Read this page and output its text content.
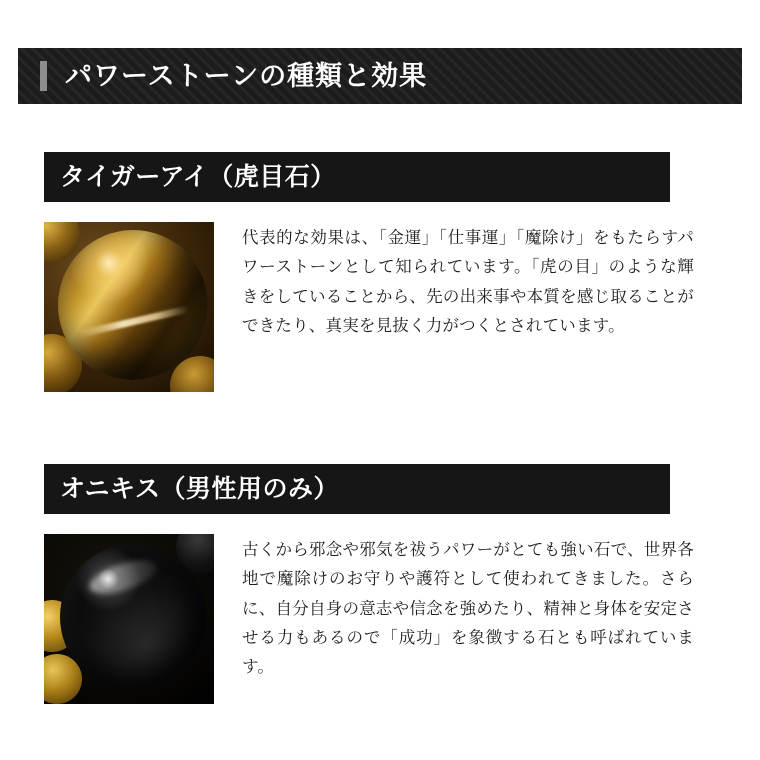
パワーストーンの種類と効果
タイガーアイ（虎目石）
代表的な効果は、「金運」「仕事運」「魔除け」をもたらすパワーストーンとして知られています。「虎の目」のような輝きをしていることから、先の出来事や本質を感じ取ることができたり、真実を見抜く力がつくとされています。
オニキス（男性用のみ）
古くから邪念や邪気を祓うパワーがとても強い石で、世界各地で魔除けのお守りや護符として使われてきました。さらに、自分自身の意志や信念を強めたり、精神と身体を安定させる力もあるので「成功」を象徴する石とも呼ばれています。
